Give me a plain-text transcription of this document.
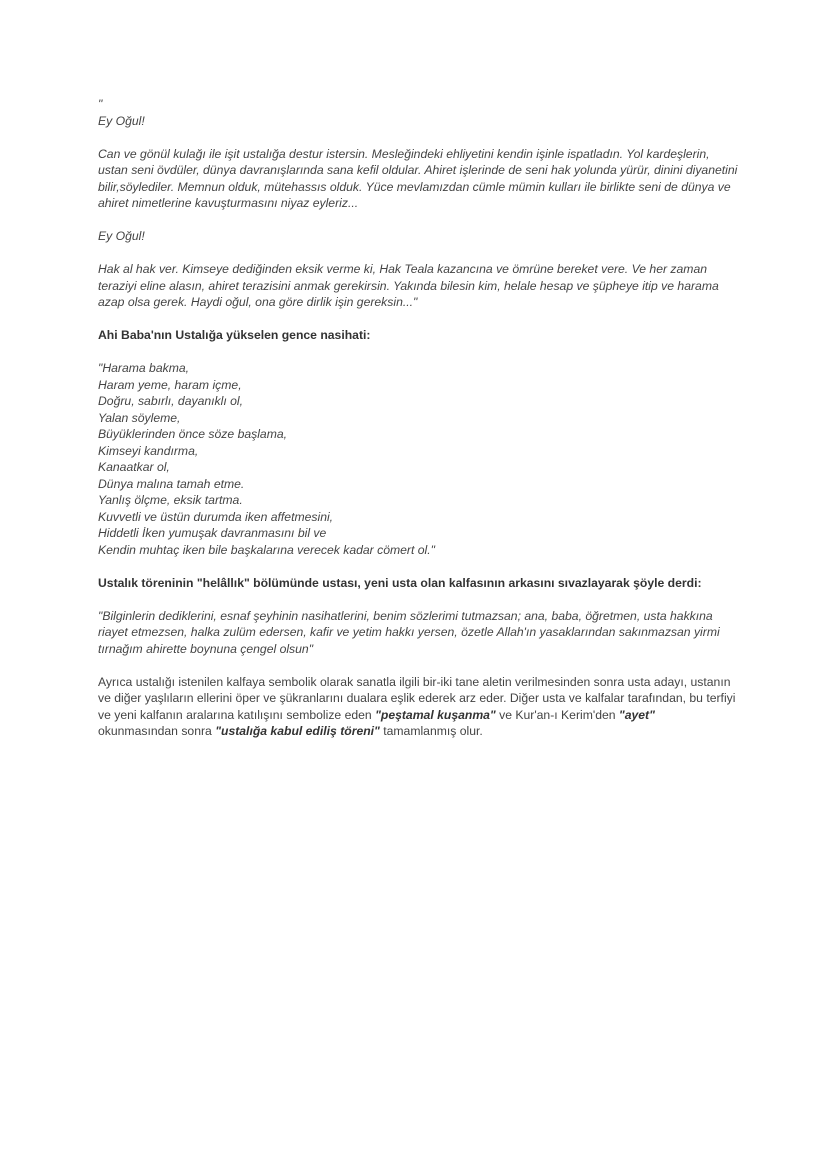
"

Ey Oğul!

Can ve gönül kulağı ile işit ustalığa destur istersin. Mesleğindeki ehliyetini kendin işinle ispatladın. Yol kardeşlerin, ustan seni övdüler, dünya davranışlarında sana kefil oldular. Ahiret işlerinde de seni hak yolunda yürür, dinini diyanetini bilir,söylediler. Memnun olduk, mütehassıs olduk. Yüce mevlamızdan cümle mümin kulları ile birlikte seni de dünya ve ahiret nimetlerine kavuşturmasını niyaz eyleriz...

Ey Oğul!

Hak al hak ver. Kimseye dediğinden eksik verme ki, Hak Teala kazancına ve ömrüne bereket vere. Ve her zaman teraziyi eline alasın, ahiret terazisini anmak gerekirsin. Yakında bilesin kim, helale hesap ve şüpheye itip ve harama azap olsa gerek. Haydi oğul, ona göre dirlik işin gereksin..."

Ahi Baba'nın Ustalığa yükselen gence nasihati:

"Harama bakma,

Haram yeme, haram içme,

Doğru, sabırlı, dayanıklı ol,

Yalan söyleme,

Büyüklerinden önce söze başlama,

Kimseyi kandırma,

Kanaatkar ol,

Dünya malına tamah etme.

Yanlış ölçme, eksik tartma.

Kuvvetli ve üstün durumda iken affetmesini,

Hiddetli İken yumuşak davranmasını bil ve

Kendin muhtaç iken bile başkalarına verecek kadar cömert ol."

Ustalık töreninin "helâllık" bölümünde ustası, yeni usta olan kalfasının arkasını sıvazlayarak şöyle derdi:

"Bilginlerin dediklerini, esnaf şeyhinin nasihatlerini, benim sözlerimi tutmazsan; ana, baba, öğretmen, usta hakkına riayet etmezsen, halka zulüm edersen, kafir ve yetim hakkı yersen, özetle Allah'ın yasaklarından sakınmazsan yirmi tırnağım ahirette boynuna çengel olsun"

Ayrıca ustalığı istenilen kalfaya sembolik olarak sanatla ilgili bir-iki tane aletin verilmesinden sonra usta adayı, ustanın ve diğer yaşlıların ellerini öper ve şükranlarını dualara eşlik ederek arz eder. Diğer usta ve kalfalar tarafından, bu terfiyi ve yeni kalfanın aralarına katılışını sembolize eden "peştamal kuşanma" ve Kur'an-ı Kerim'den "ayet" okunmasından sonra "ustalığa kabul ediliş töreni" tamamlanmış olur.
